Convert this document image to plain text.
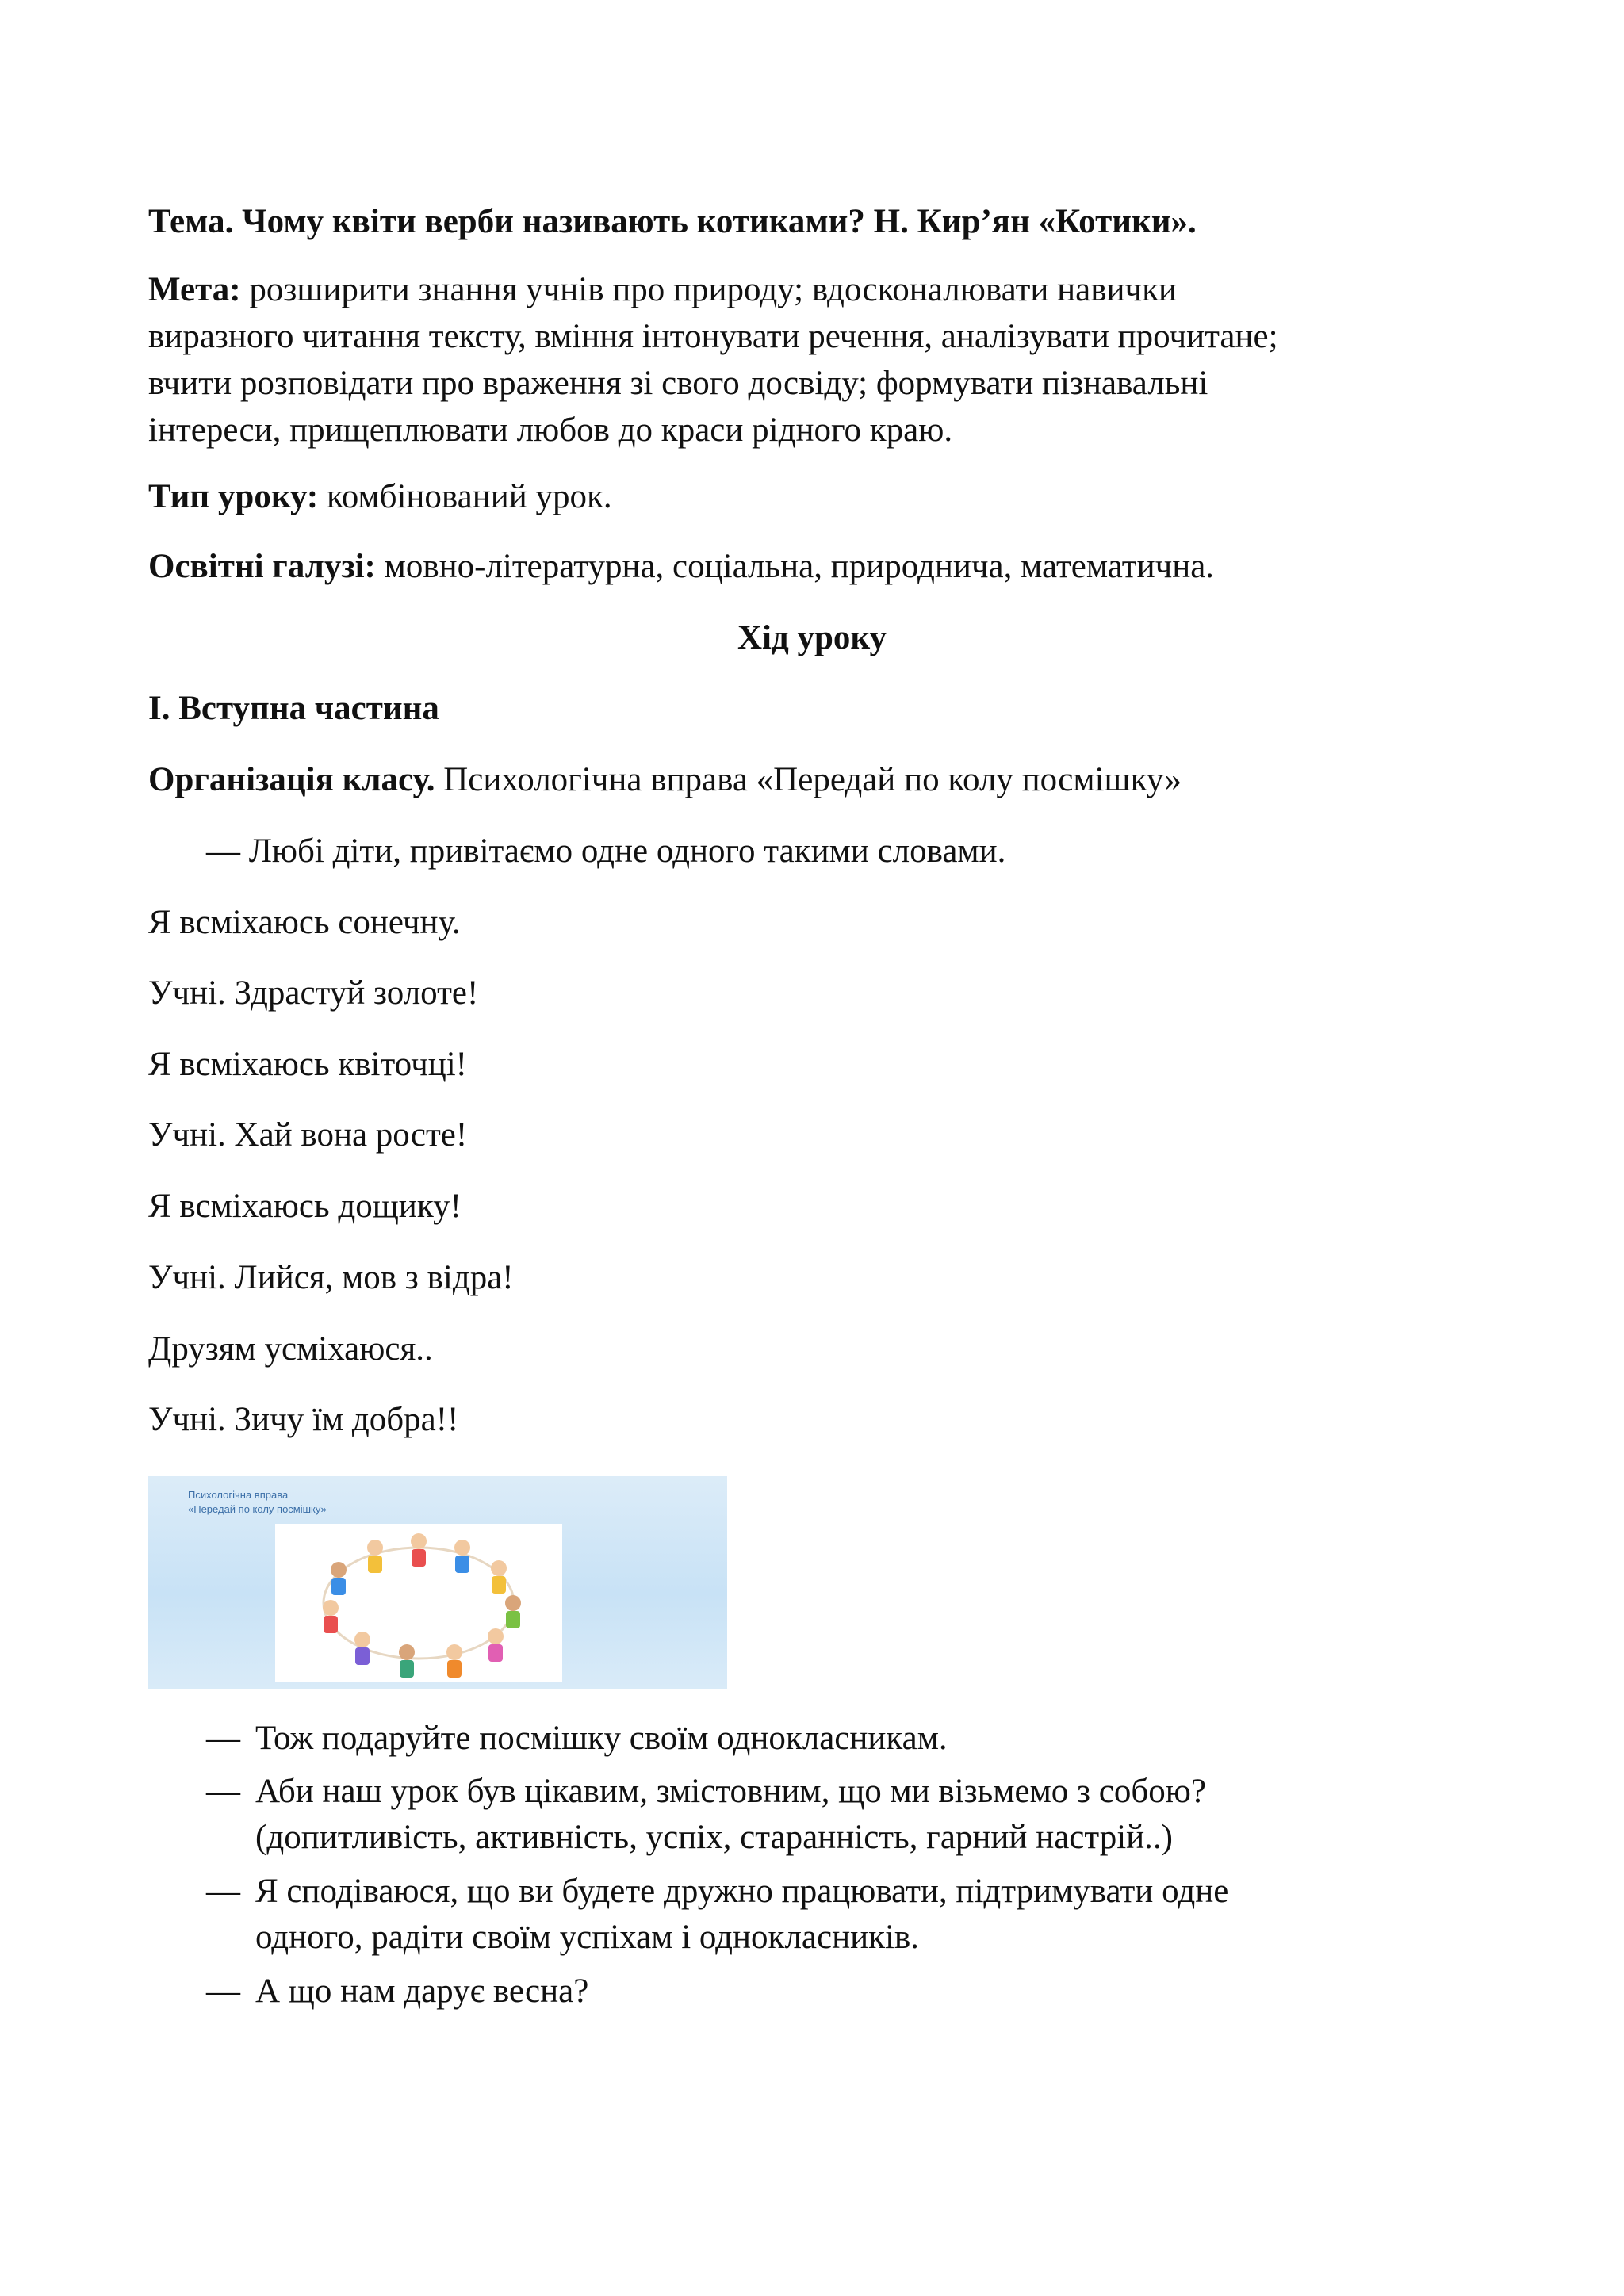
Тема. Чому квіти верби називають котиками? Н. Кир’ян «Котики».
Мета: розширити знання учнів про природу; вдосконалювати навички
виразного читання тексту, вміння інтонувати речення, аналізувати прочитане;
вчити розповідати про враження зі свого досвіду; формувати пізнавальні
інтереси, прищеплювати любов до краси рідного краю.
Тип уроку: комбінований урок.
Освітні галузі: мовно-літературна, соціальна, природнича, математична.
Хід уроку
І. Вступна частина
Організація класу. Психологічна вправа «Передай по колу посмішку»
— Любі діти, привітаємо одне одного такими словами.
Я всміхаюсь сонечну.
Учні. Здрастуй золоте!
Я всміхаюсь квіточці!
Учні. Хай вона росте!
Я всміхаюсь дощику!
Учні. Лийся, мов з відра!
Друзям усміхаюся..
Учні. Зичу їм добра!!
Психологічна вправа
«Передай по колу посмішку»
— Тож подаруйте посмішку своїм однокласникам.
— Аби наш урок був цікавим, змістовним, що ми візьмемо з собою?
(допитливість, активність, успіх, старанність, гарний настрій..)
— Я сподіваюся, що ви будете дружно працювати, підтримувати одне
одного, радіти своїм успіхам і однокласників.
— А що нам дарує весна?
